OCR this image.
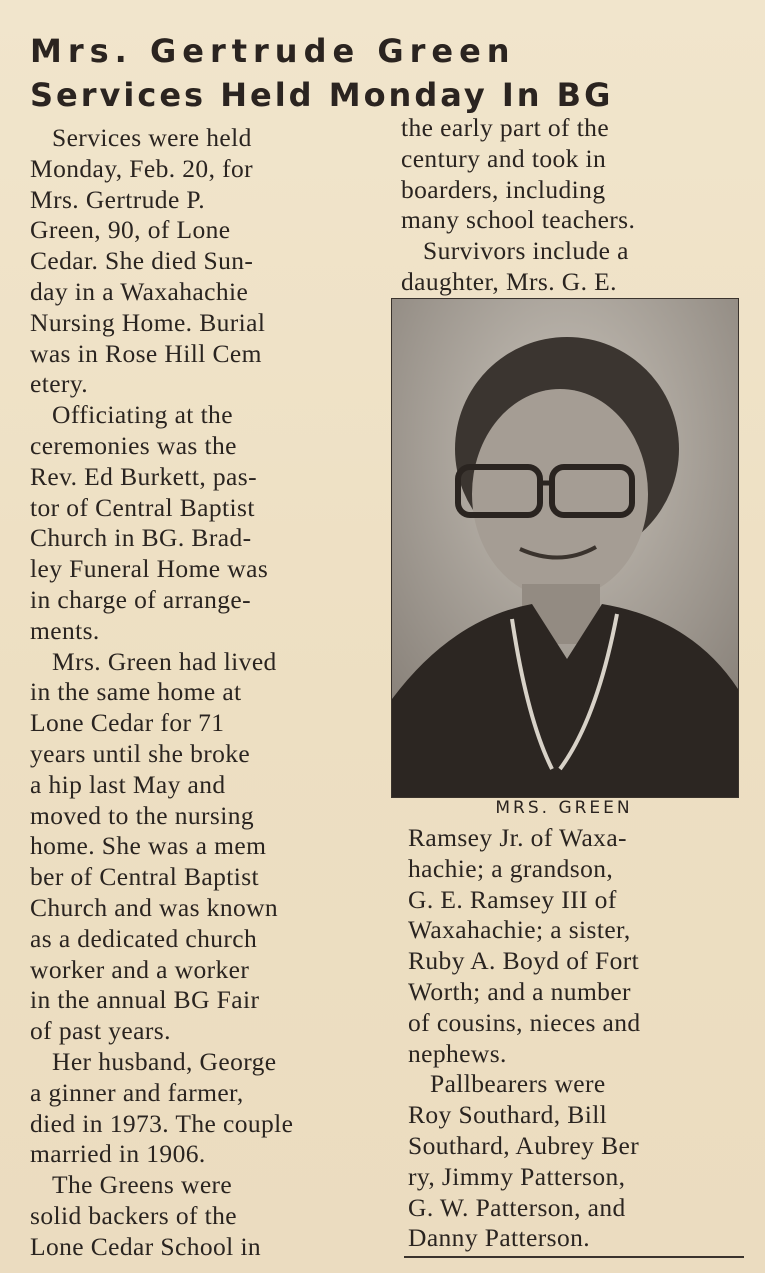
Mrs. Gertrude Green
Services Held Monday In BG
Services were held
Monday, Feb. 20, for
Mrs. Gertrude P.
Green, 90, of Lone
Cedar. She died Sun-
day in a Waxahachie
Nursing Home. Burial
was in Rose Hill Cem
etery.
Officiating at the
ceremonies was the
Rev. Ed Burkett, pas-
tor of Central Baptist
Church in BG. Brad-
ley Funeral Home was
in charge of arrange-
ments.
Mrs. Green had lived
in the same home at
Lone Cedar for 71
years until she broke
a hip last May and
moved to the nursing
home. She was a mem
ber of Central Baptist
Church and was known
as a dedicated church
worker and a worker
in the annual BG Fair
of past years.
Her husband, George
a ginner and farmer,
died in 1973. The couple
married in 1906.
The Greens were
solid backers of the
Lone Cedar School in
the early part of the
century and took in
boarders, including
many school teachers.
Survivors include a
daughter, Mrs. G. E.
MRS. GREEN
Ramsey Jr. of Waxa-
hachie; a grandson,
G. E. Ramsey III of
Waxahachie; a sister,
Ruby A. Boyd of Fort
Worth; and a number
of cousins, nieces and
nephews.
Pallbearers were
Roy Southard, Bill
Southard, Aubrey Ber
ry, Jimmy Patterson,
G. W. Patterson, and
Danny Patterson.
